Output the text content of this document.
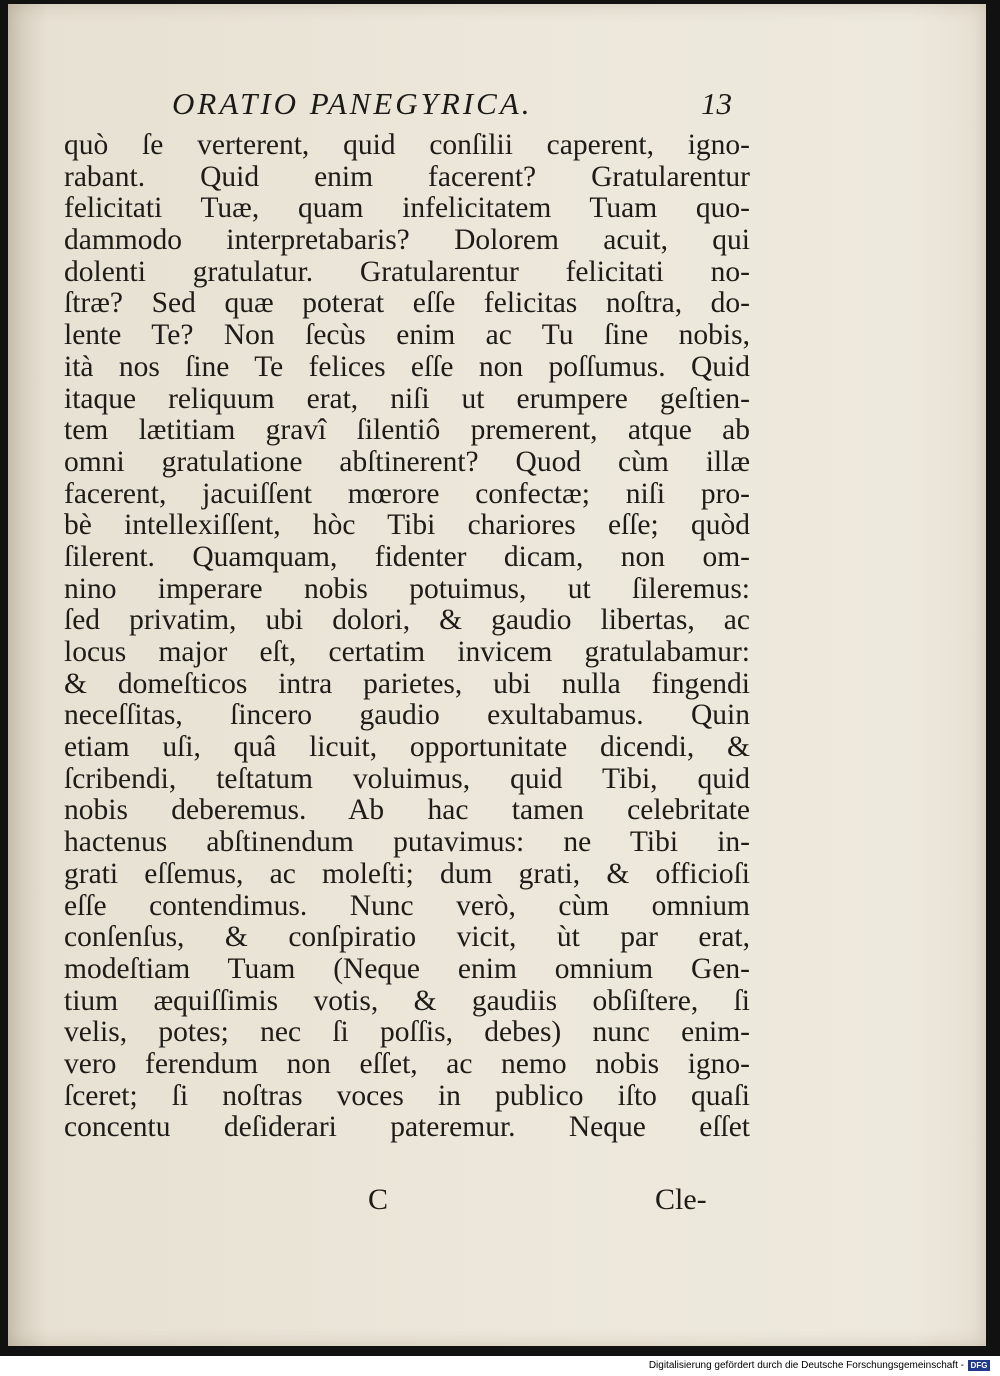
ORATIO PANEGYRICA.	13
quò ſe verterent, quid conſilii caperent, igno-
rabant. Quid enim facerent? Gratularentur
felicitati Tuæ, quam infelicitatem Tuam quo-
dammodo interpretabaris? Dolorem acuit, qui
dolenti gratulatur. Gratularentur felicitati no-
ſtræ? Sed quæ poterat eſſe felicitas noſtra, do-
lente Te? Non ſecùs enim ac Tu ſine nobis,
ità nos ſine Te felices eſſe non poſſumus. Quid
itaque reliquum erat, niſi ut erumpere geſtien-
tem lætitiam gravî ſilentiô premerent, atque ab
omni gratulatione abſtinerent? Quod cùm illæ
facerent, jacuiſſent mœrore confectæ; niſi pro-
bè intellexiſſent, hòc Tibi chariores eſſe; quòd
ſilerent. Quamquam, fidenter dicam, non om-
nino imperare nobis potuimus, ut ſileremus:
ſed privatim, ubi dolori, & gaudio libertas, ac
locus major eſt, certatim invicem gratulabamur:
& domeſticos intra parietes, ubi nulla fingendi
neceſſitas, ſincero gaudio exultabamus. Quin
etiam uſi, quâ licuit, opportunitate dicendi, &
ſcribendi, teſtatum voluimus, quid Tibi, quid
nobis deberemus. Ab hac tamen celebritate
hactenus abſtinendum putavimus: ne Tibi in-
grati eſſemus, ac moleſti; dum grati, & officioſi
eſſe contendimus. Nunc verò, cùm omnium
conſenſus, & conſpiratio vicit, ùt par erat,
modeſtiam Tuam (Neque enim omnium Gen-
tium æquiſſimis votis, & gaudiis obſiſtere, ſi
velis, potes; nec ſi poſſis, debes) nunc enim-
vero ferendum non eſſet, ac nemo nobis igno-
ſceret; ſi noſtras voces in publico iſto quaſi
concentu deſiderari pateremur. Neque eſſet
C	Cle-
Digitalisierung gefördert durch die Deutsche Forschungsgemeinschaft - DFG
